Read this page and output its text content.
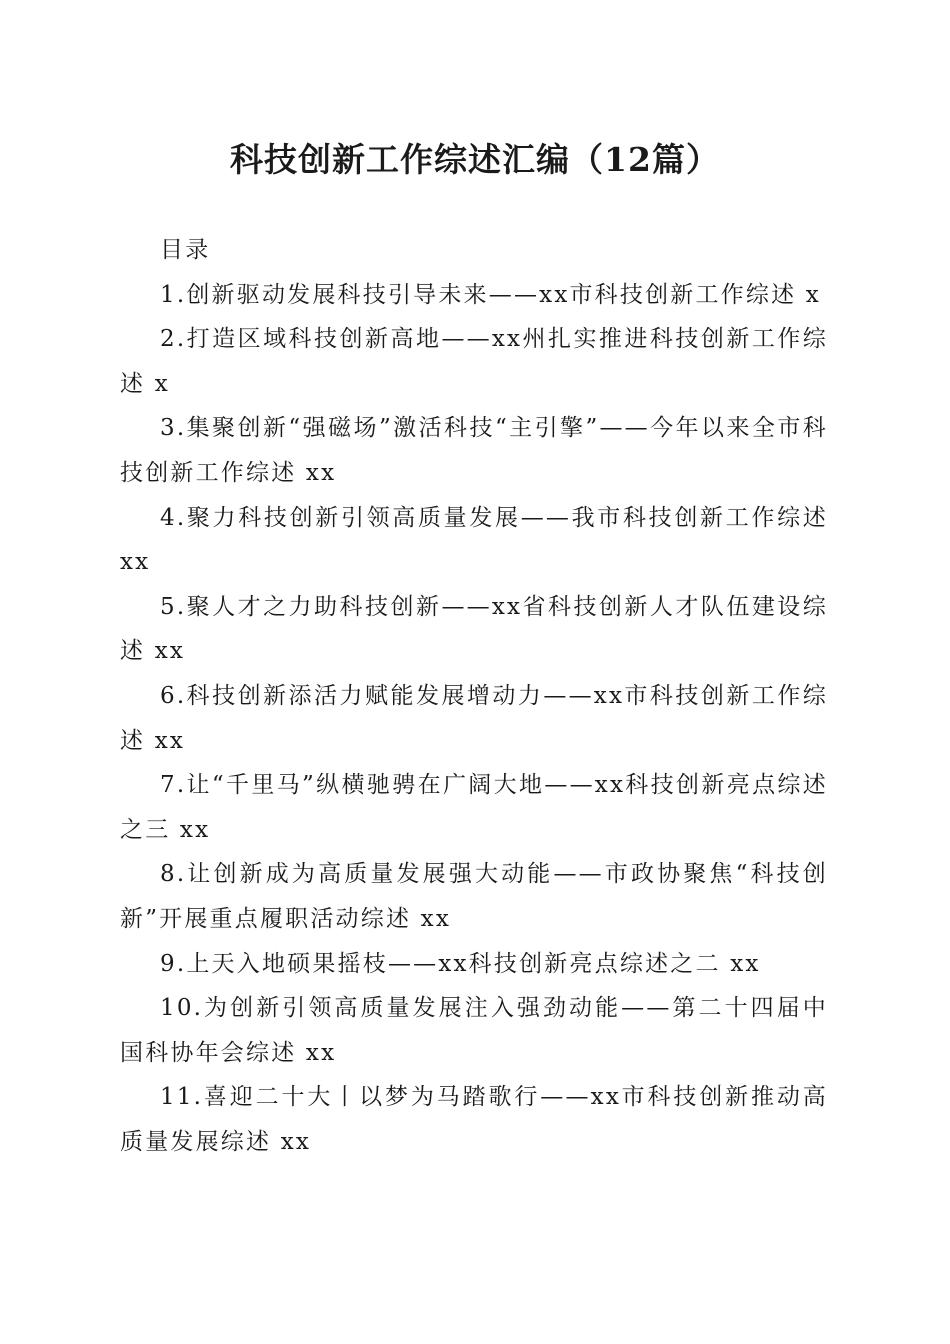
科技创新工作综述汇编（12篇）
目录
1.创新驱动发展科技引导未来——xx市科技创新工作综述 x
2.打造区域科技创新高地——xx州扎实推进科技创新工作综述 x
3.集聚创新“强磁场”激活科技“主引擎”——今年以来全市科技创新工作综述 xx
4.聚力科技创新引领高质量发展——我市科技创新工作综述 xx
5.聚人才之力助科技创新——xx省科技创新人才队伍建设综述 xx
6.科技创新添活力赋能发展增动力——xx市科技创新工作综述 xx
7.让“千里马”纵横驰骋在广阔大地——xx科技创新亮点综述之三 xx
8.让创新成为高质量发展强大动能——市政协聚焦“科技创新”开展重点履职活动综述 xx
9.上天入地硕果摇枝——xx科技创新亮点综述之二 xx
10.为创新引领高质量发展注入强劲动能——第二十四届中国科协年会综述 xx
11.喜迎二十大丨以梦为马踏歌行——xx市科技创新推动高质量发展综述 xx
